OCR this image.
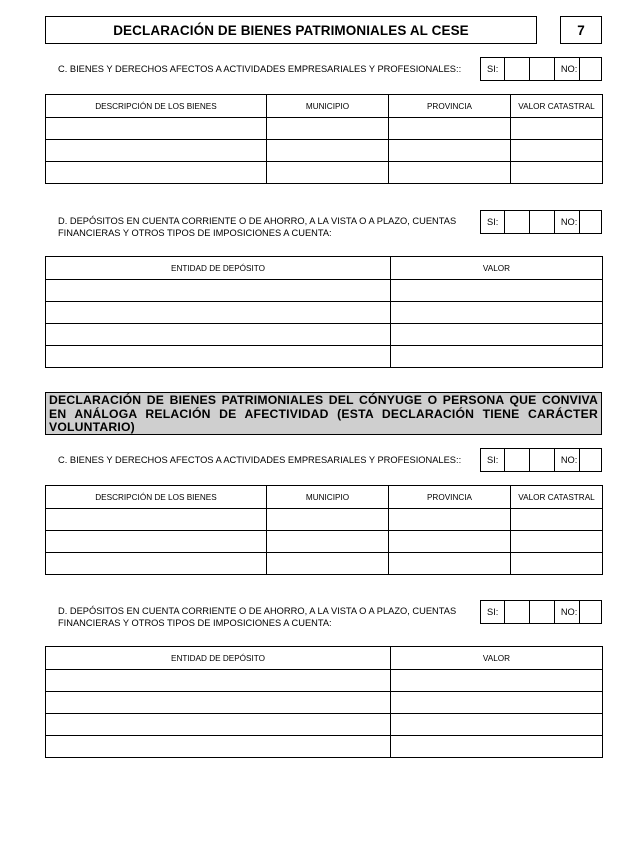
DECLARACIÓN DE BIENES PATRIMONIALES AL CESE	7
C. BIENES Y DERECHOS AFECTOS A ACTIVIDADES EMPRESARIALES Y PROFESIONALES::	SI:	NO:
DESCRIPCIÓN DE LOS BIENES	MUNICIPIO	PROVINCIA	VALOR CATASTRAL

D. DEPÓSITOS EN CUENTA CORRIENTE O DE AHORRO, A LA VISTA O A PLAZO, CUENTAS
FINANCIERAS Y OTROS TIPOS DE IMPOSICIONES A CUENTA:
SI:	NO:
ENTIDAD DE DEPÓSITO	VALOR

DECLARACIÓN DE BIENES PATRIMONIALES DEL CÓNYUGE O PERSONA QUE CONVIVA EN ANÁLOGA RELACIÓN DE AFECTIVIDAD (ESTA DECLARACIÓN TIENE CARÁCTER VOLUNTARIO)
C. BIENES Y DERECHOS AFECTOS A ACTIVIDADES EMPRESARIALES Y PROFESIONALES::	SI:	NO:
DESCRIPCIÓN DE LOS BIENES	MUNICIPIO	PROVINCIA	VALOR CATASTRAL

D. DEPÓSITOS EN CUENTA CORRIENTE O DE AHORRO, A LA VISTA O A PLAZO, CUENTAS
FINANCIERAS Y OTROS TIPOS DE IMPOSICIONES A CUENTA:
SI:	NO:
ENTIDAD DE DEPÓSITO	VALOR
